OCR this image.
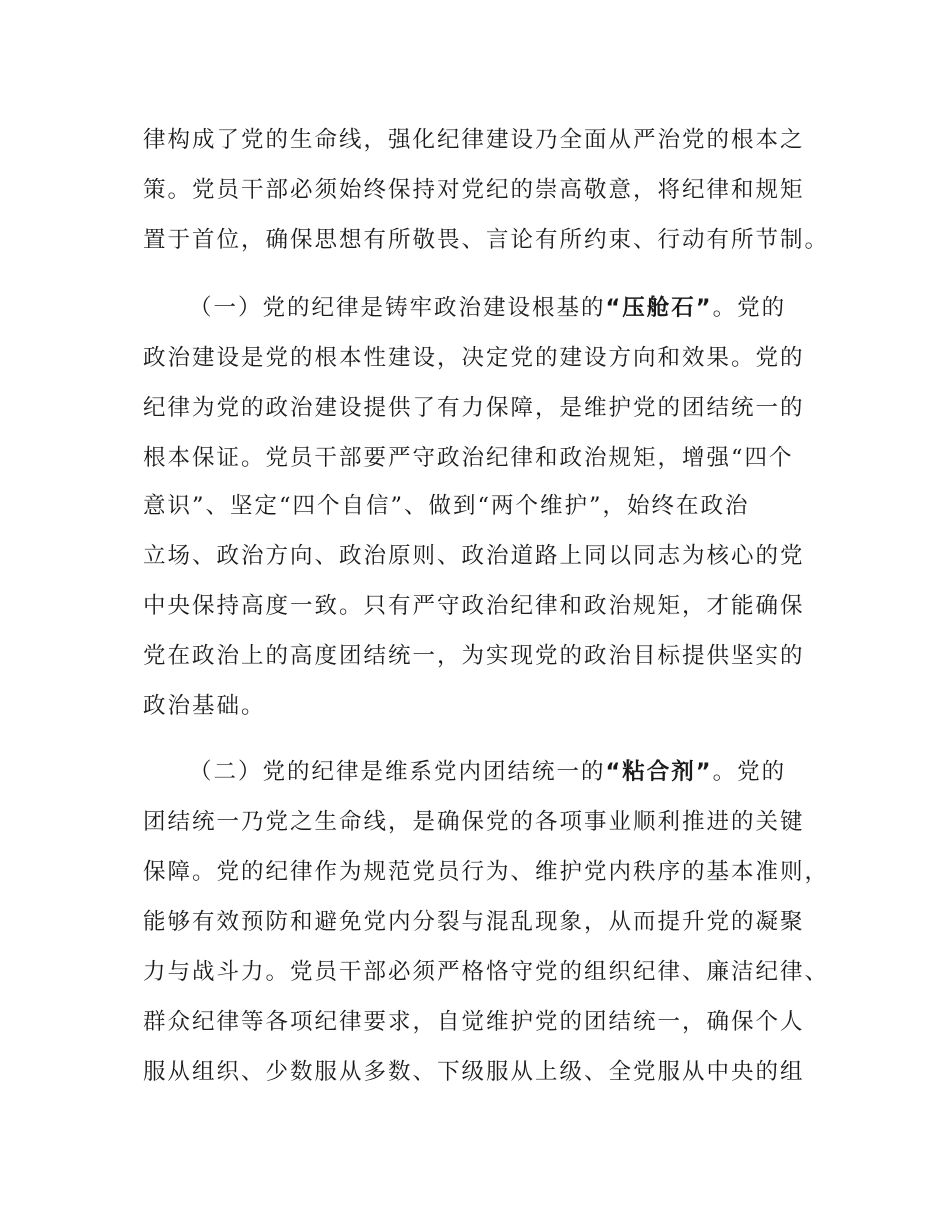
律构成了党的生命线，强化纪律建设乃全面从严治党的根本之
策。党员干部必须始终保持对党纪的崇高敬意，将纪律和规矩
置于首位，确保思想有所敬畏、言论有所约束、行动有所节制。
（一）党的纪律是铸牢政治建设根基的“压舱石”。党的
政治建设是党的根本性建设，决定党的建设方向和效果。党的
纪律为党的政治建设提供了有力保障，是维护党的团结统一的
根本保证。党员干部要严守政治纪律和政治规矩，增强“四个
意识”、坚定“四个自信”、做到“两个维护”，始终在政治
立场、政治方向、政治原则、政治道路上同以同志为核心的党
中央保持高度一致。只有严守政治纪律和政治规矩，才能确保
党在政治上的高度团结统一，为实现党的政治目标提供坚实的
政治基础。
（二）党的纪律是维系党内团结统一的“粘合剂”。党的
团结统一乃党之生命线，是确保党的各项事业顺利推进的关键
保障。党的纪律作为规范党员行为、维护党内秩序的基本准则，
能够有效预防和避免党内分裂与混乱现象，从而提升党的凝聚
力与战斗力。党员干部必须严格恪守党的组织纪律、廉洁纪律、
群众纪律等各项纪律要求，自觉维护党的团结统一，确保个人
服从组织、少数服从多数、下级服从上级、全党服从中央的组
